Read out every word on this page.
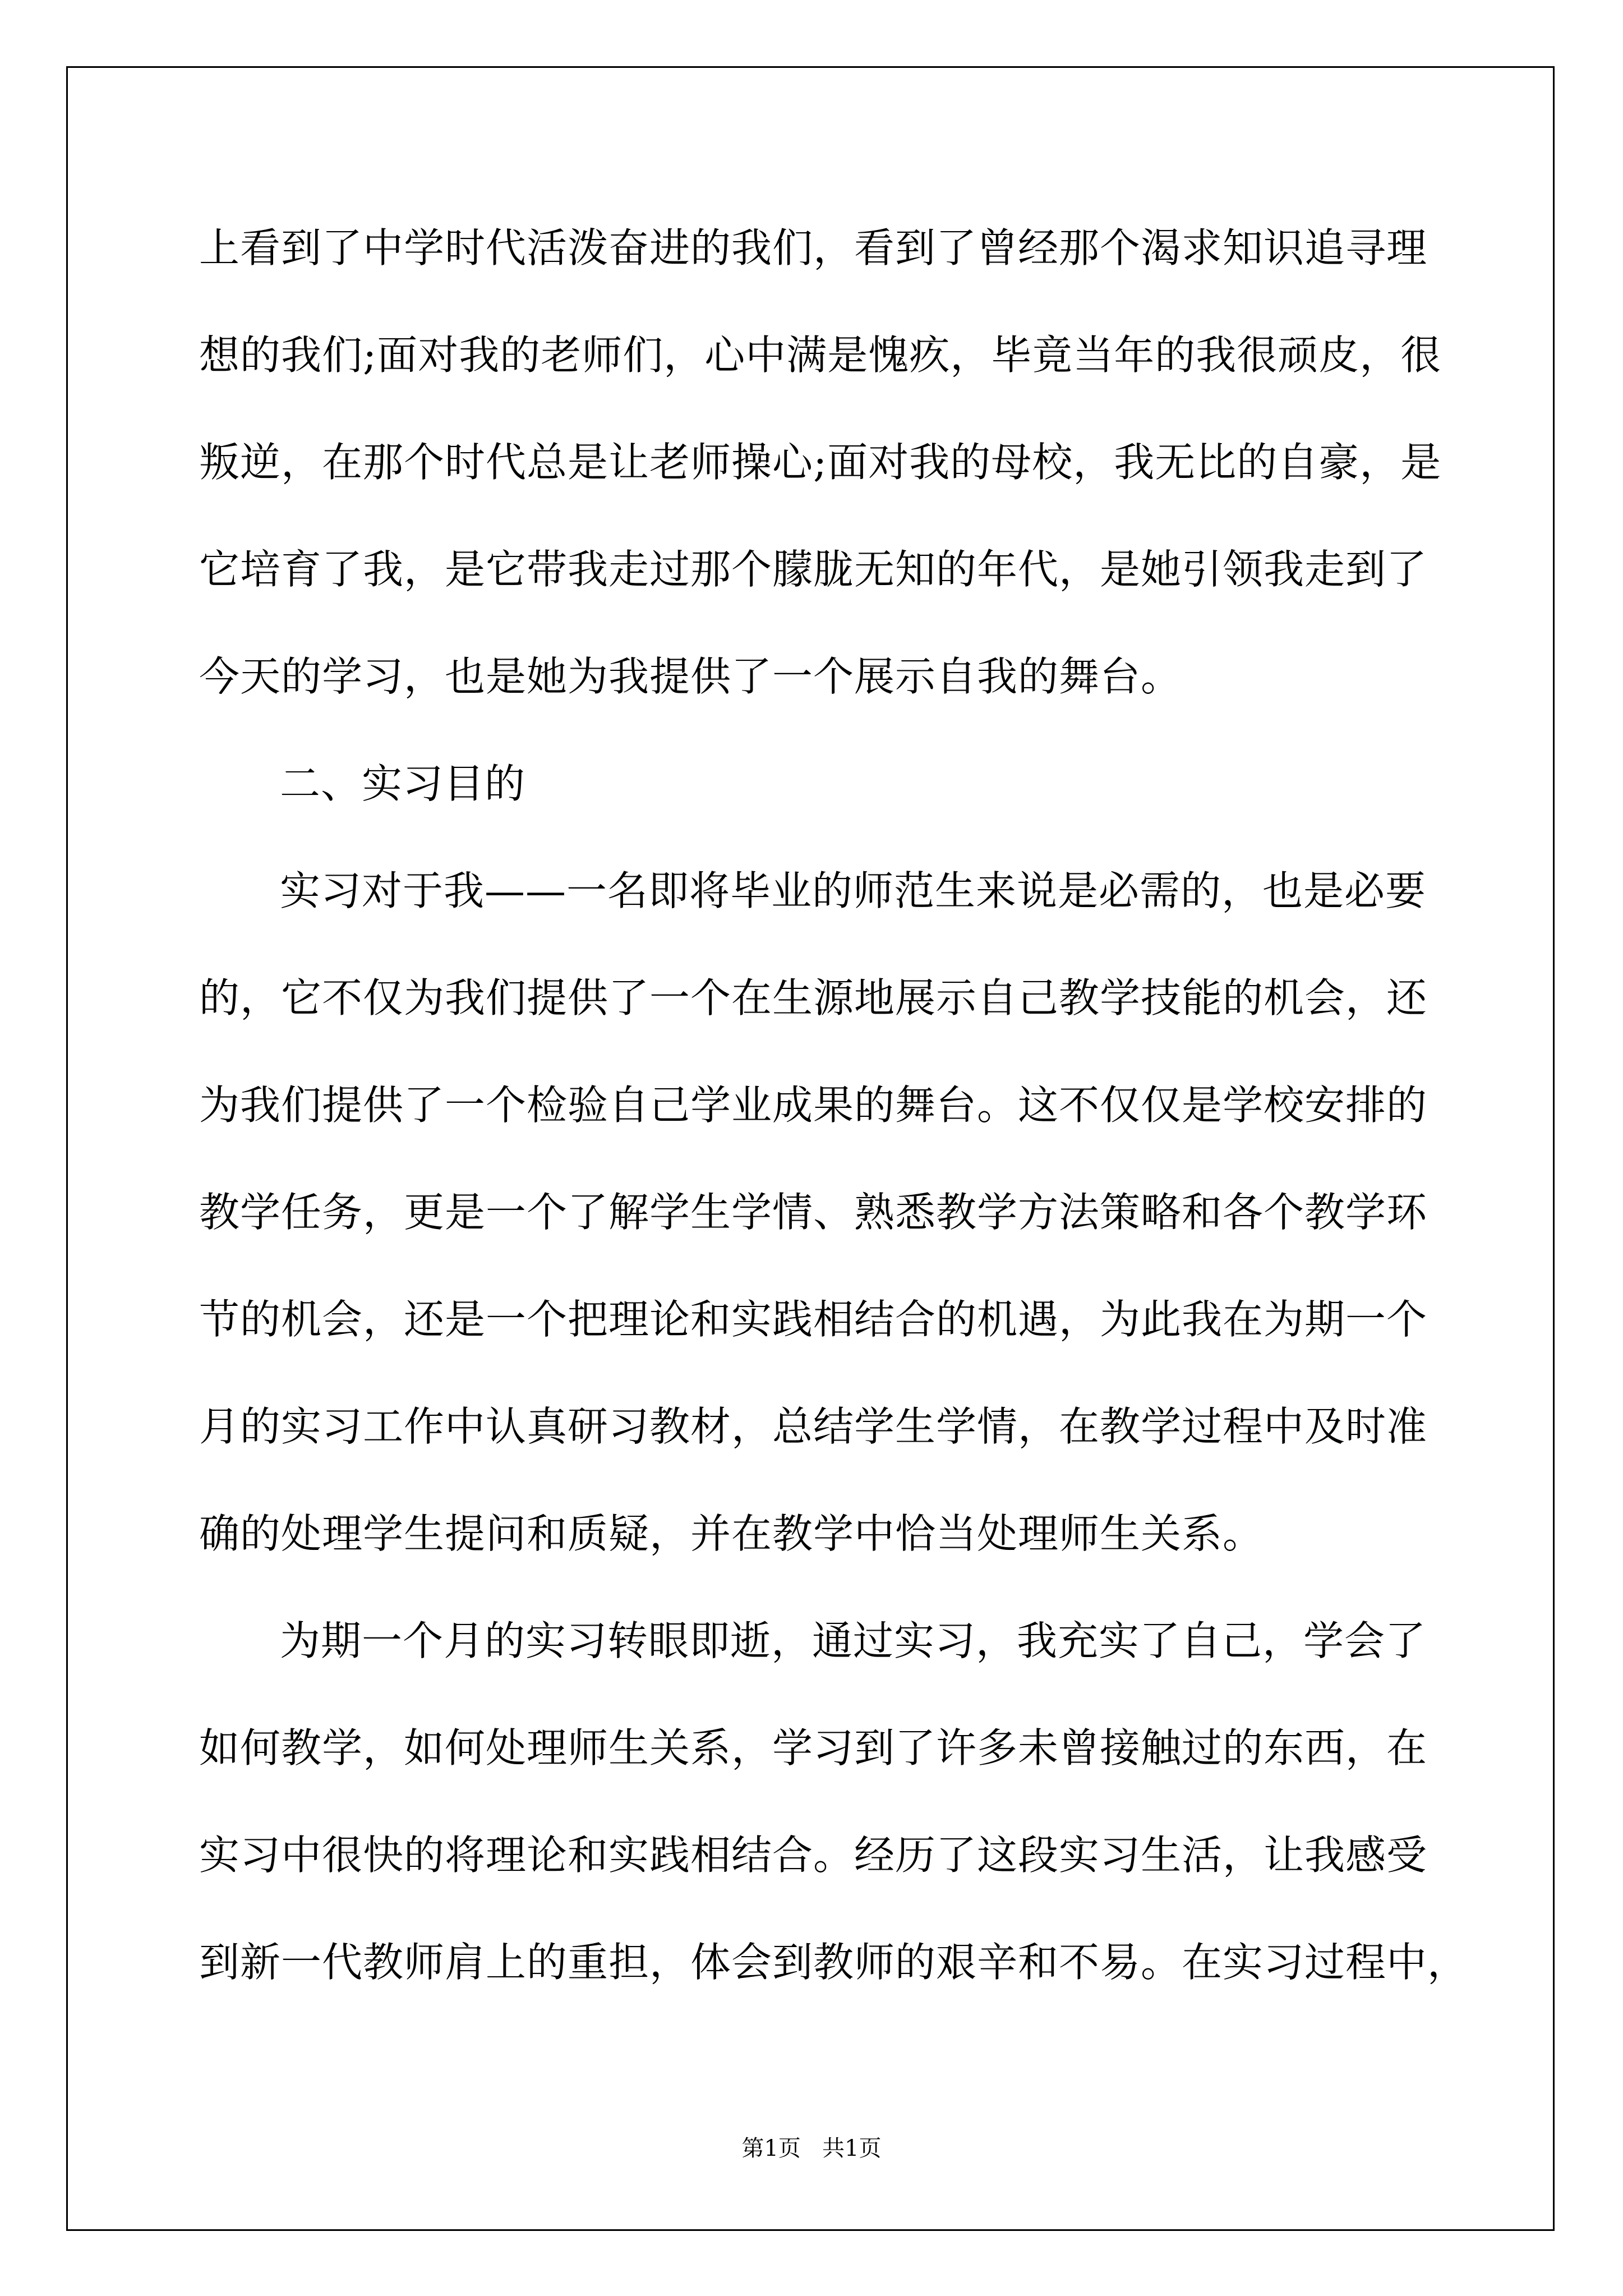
上看到了中学时代活泼奋进的我们，看到了曾经那个渴求知识追寻理
想的我们;面对我的老师们，心中满是愧疚，毕竟当年的我很顽皮，很
叛逆，在那个时代总是让老师操心;面对我的母校，我无比的自豪，是
它培育了我，是它带我走过那个朦胧无知的年代，是她引领我走到了
今天的学习，也是她为我提供了一个展示自我的舞台。
二、实习目的
实习对于我——一名即将毕业的师范生来说是必需的，也是必要
的，它不仅为我们提供了一个在生源地展示自己教学技能的机会，还
为我们提供了一个检验自己学业成果的舞台。这不仅仅是学校安排的
教学任务，更是一个了解学生学情、熟悉教学方法策略和各个教学环
节的机会，还是一个把理论和实践相结合的机遇，为此我在为期一个
月的实习工作中认真研习教材，总结学生学情，在教学过程中及时准
确的处理学生提问和质疑，并在教学中恰当处理师生关系。
为期一个月的实习转眼即逝，通过实习，我充实了自己，学会了
如何教学，如何处理师生关系，学习到了许多未曾接触过的东西，在
实习中很快的将理论和实践相结合。经历了这段实习生活，让我感受
到新一代教师肩上的重担，体会到教师的艰辛和不易。在实习过程中，
第1页   共1页
